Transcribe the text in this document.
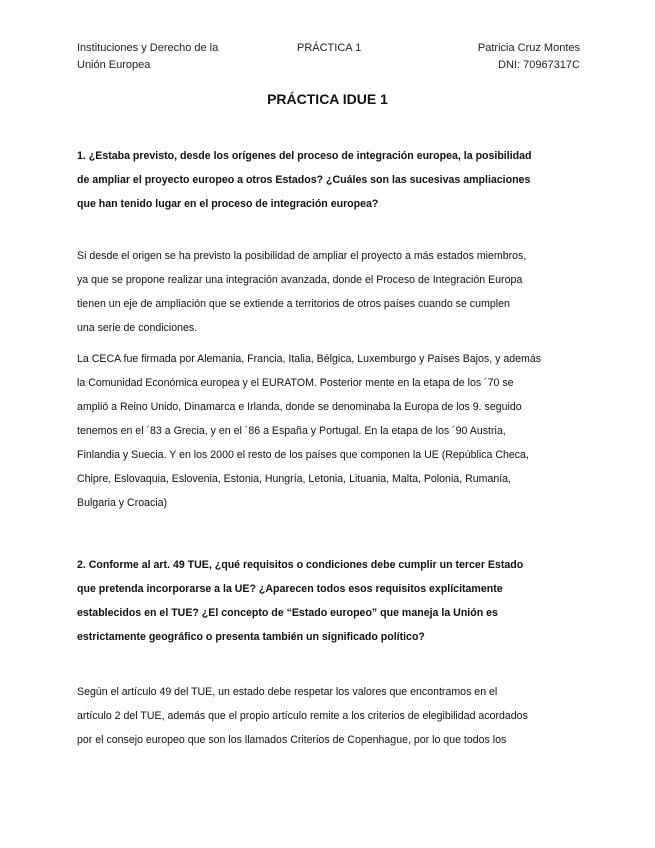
Instituciones y Derecho de la
Unión Europea
PRÁCTICA 1	Patricia Cruz Montes
DNI: 70967317C
PRÁCTICA IDUE 1
1. ¿Estaba previsto, desde los orígenes del proceso de integración europea, la posibilidad
de ampliar el proyecto europeo a otros Estados? ¿Cuáles son las sucesivas ampliaciones
que han tenido lugar en el proceso de integración europea?
Si desde el origen se ha previsto la posibilidad de ampliar el proyecto a más estados miembros,
ya que se propone realizar una integración avanzada, donde el Proceso de Integración Europa
tienen un eje de ampliación que se extiende a territorios de otros países cuando se cumplen
una serie de condiciones.
La CECA fue firmada por Alemania, Francia, Italia, Bélgica, Luxemburgo y Países Bajos, y además
la Comunidad Económica europea y el EURATOM. Posterior mente en la etapa de los ´70 se
amplió a Reino Unido, Dinamarca e Irlanda, donde se denominaba la Europa de los 9. seguido
tenemos en el ´83 a Grecia, y en el ´86 a España y Portugal. En la etapa de los ´90 Austria,
Finlandia y Suecia. Y en los 2000 el resto de los países que componen la UE (República Checa,
Chipre, Eslovaquia, Eslovenia, Estonia, Hungría, Letonia, Lituania, Malta, Polonia, Rumanía,
Bulgaria y Croacia)
2. Conforme al art. 49 TUE, ¿qué requisitos o condiciones debe cumplir un tercer Estado
que pretenda incorporarse a la UE? ¿Aparecen todos esos requisitos explícitamente
establecidos en el TUE? ¿El concepto de “Estado europeo” que maneja la Unión es
estrictamente geográfico o presenta también un significado político?
Según el artículo 49 del TUE, un estado debe respetar los valores que encontramos en el
artículo 2 del TUE, además que el propio artículo remite a los criterios de elegibilidad acordados
por el consejo europeo que son los llamados Criterios de Copenhague, por lo que todos los
